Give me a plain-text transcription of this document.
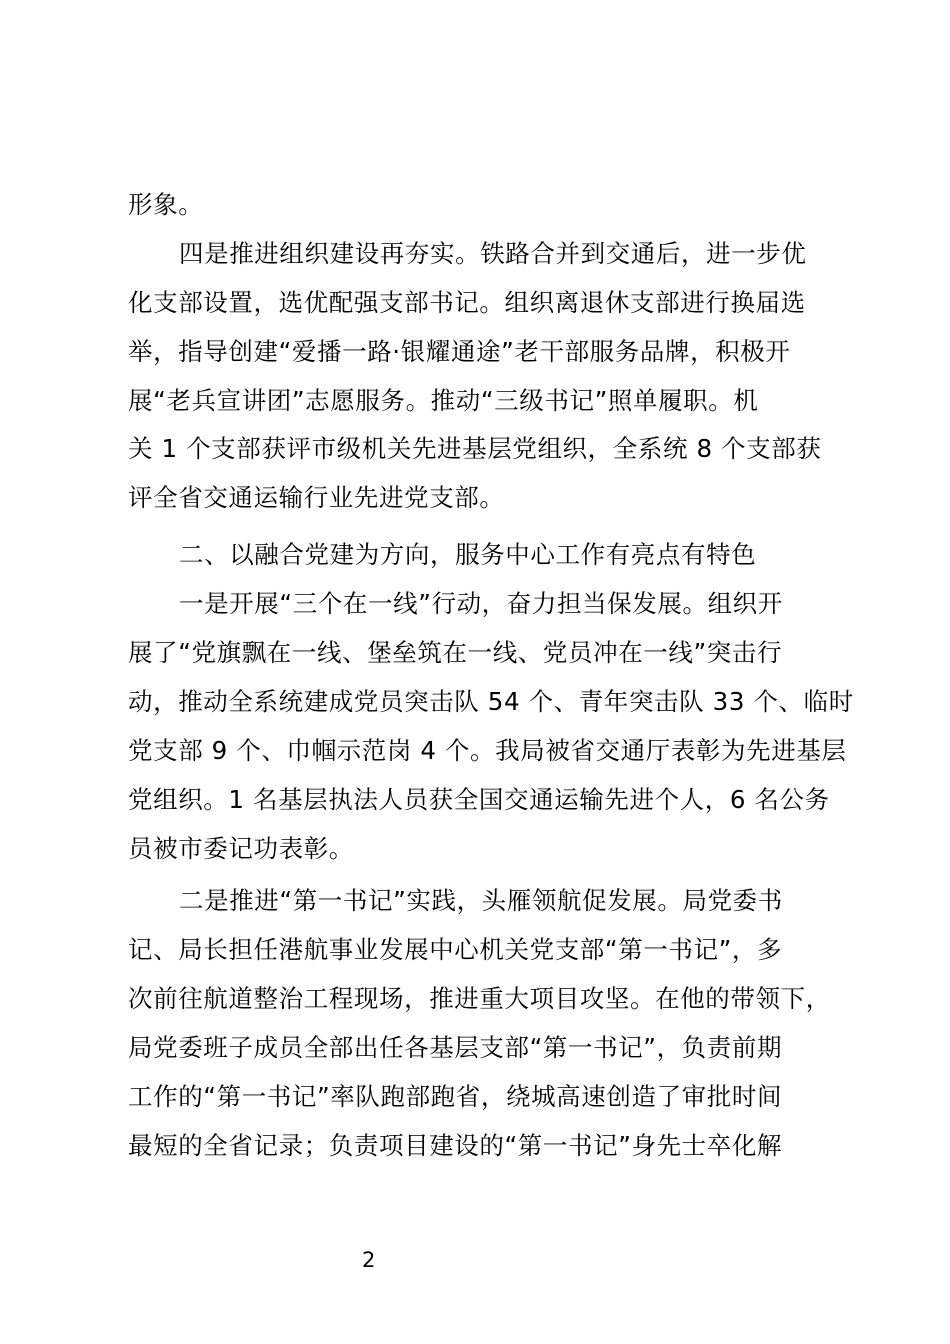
形象。
四是推进组织建设再夯实。铁路合并到交通后，进一步优
化支部设置，选优配强支部书记。组织离退休支部进行换届选
举，指导创建“爱播一路·银耀通途”老干部服务品牌，积极开
展“老兵宣讲团”志愿服务。推动“三级书记”照单履职。机
关 1 个支部获评市级机关先进基层党组织，全系统 8 个支部获
评全省交通运输行业先进党支部。
二、以融合党建为方向，服务中心工作有亮点有特色
一是开展“三个在一线”行动，奋力担当保发展。组织开
展了“党旗飘在一线、堡垒筑在一线、党员冲在一线”突击行
动，推动全系统建成党员突击队 54 个、青年突击队 33 个、临时
党支部 9 个、巾帼示范岗 4 个。我局被省交通厅表彰为先进基层
党组织。1 名基层执法人员获全国交通运输先进个人，6 名公务
员被市委记功表彰。
二是推进“第一书记”实践，头雁领航促发展。局党委书
记、局长担任港航事业发展中心机关党支部“第一书记”，多
次前往航道整治工程现场，推进重大项目攻坚。在他的带领下，
局党委班子成员全部出任各基层支部“第一书记”，负责前期
工作的“第一书记”率队跑部跑省，绕城高速创造了审批时间
最短的全省记录；负责项目建设的“第一书记”身先士卒化解
2
